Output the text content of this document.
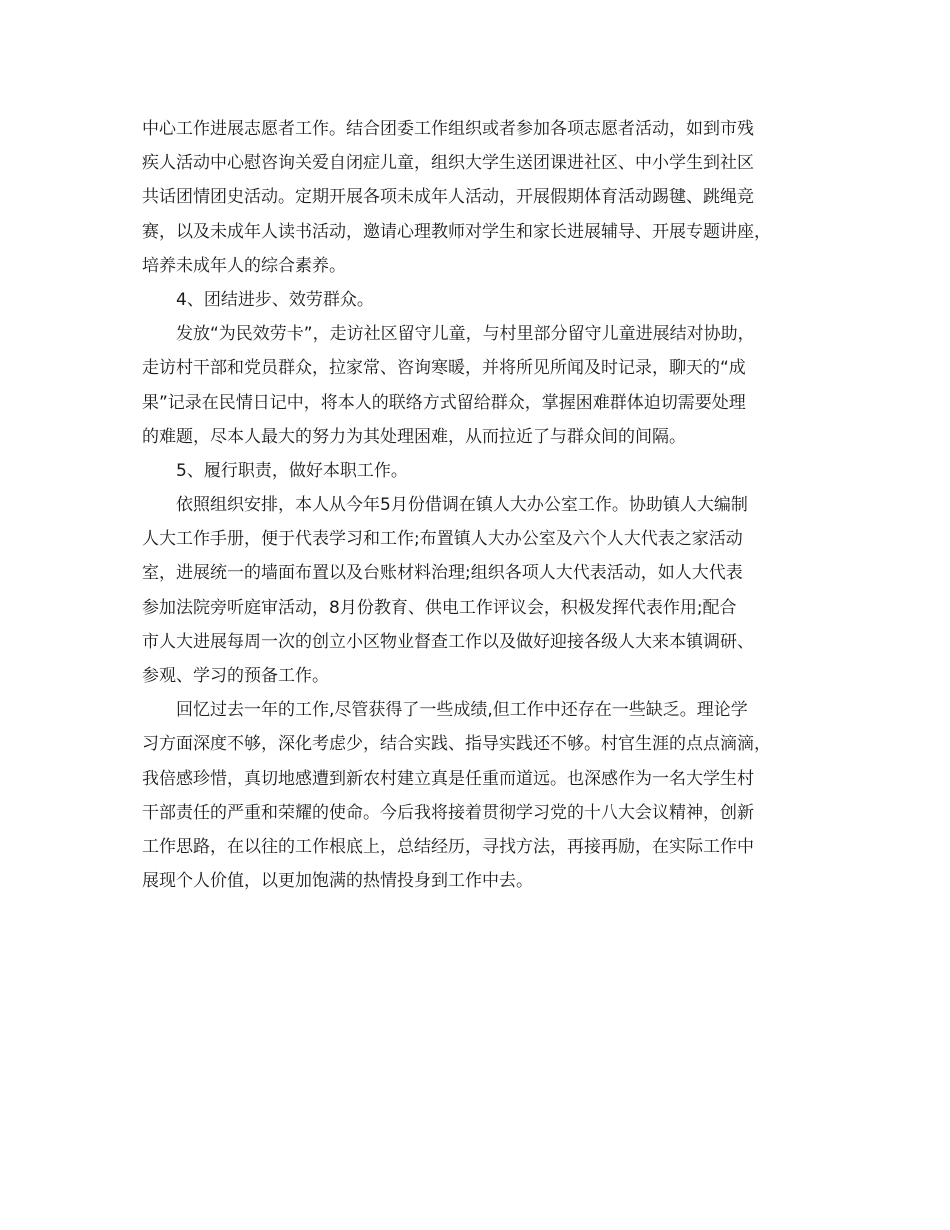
中心工作进展志愿者工作。结合团委工作组织或者参加各项志愿者活动，如到市残
疾人活动中心慰咨询关爱自闭症儿童，组织大学生送团课进社区、中小学生到社区
共话团情团史活动。定期开展各项未成年人活动，开展假期体育活动踢毽、跳绳竞
赛，以及未成年人读书活动，邀请心理教师对学生和家长进展辅导、开展专题讲座，
培养未成年人的综合素养。
4、团结进步、效劳群众。
发放“为民效劳卡”，走访社区留守儿童，与村里部分留守儿童进展结对协助，
走访村干部和党员群众，拉家常、咨询寒暖，并将所见所闻及时记录，聊天的“成
果”记录在民情日记中，将本人的联络方式留给群众，掌握困难群体迫切需要处理
的难题，尽本人最大的努力为其处理困难，从而拉近了与群众间的间隔。
5、履行职责，做好本职工作。
依照组织安排，本人从今年5月份借调在镇人大办公室工作。协助镇人大编制
人大工作手册，便于代表学习和工作;布置镇人大办公室及六个人大代表之家活动
室，进展统一的墙面布置以及台账材料治理;组织各项人大代表活动，如人大代表
参加法院旁听庭审活动，8月份教育、供电工作评议会，积极发挥代表作用;配合
市人大进展每周一次的创立小区物业督查工作以及做好迎接各级人大来本镇调研、
参观、学习的预备工作。
回忆过去一年的工作,尽管获得了一些成绩,但工作中还存在一些缺乏。理论学
习方面深度不够，深化考虑少，结合实践、指导实践还不够。村官生涯的点点滴滴，
我倍感珍惜，真切地感遭到新农村建立真是任重而道远。也深感作为一名大学生村
干部责任的严重和荣耀的使命。今后我将接着贯彻学习党的十八大会议精神，创新
工作思路，在以往的工作根底上，总结经历，寻找方法，再接再励，在实际工作中
展现个人价值，以更加饱满的热情投身到工作中去。
